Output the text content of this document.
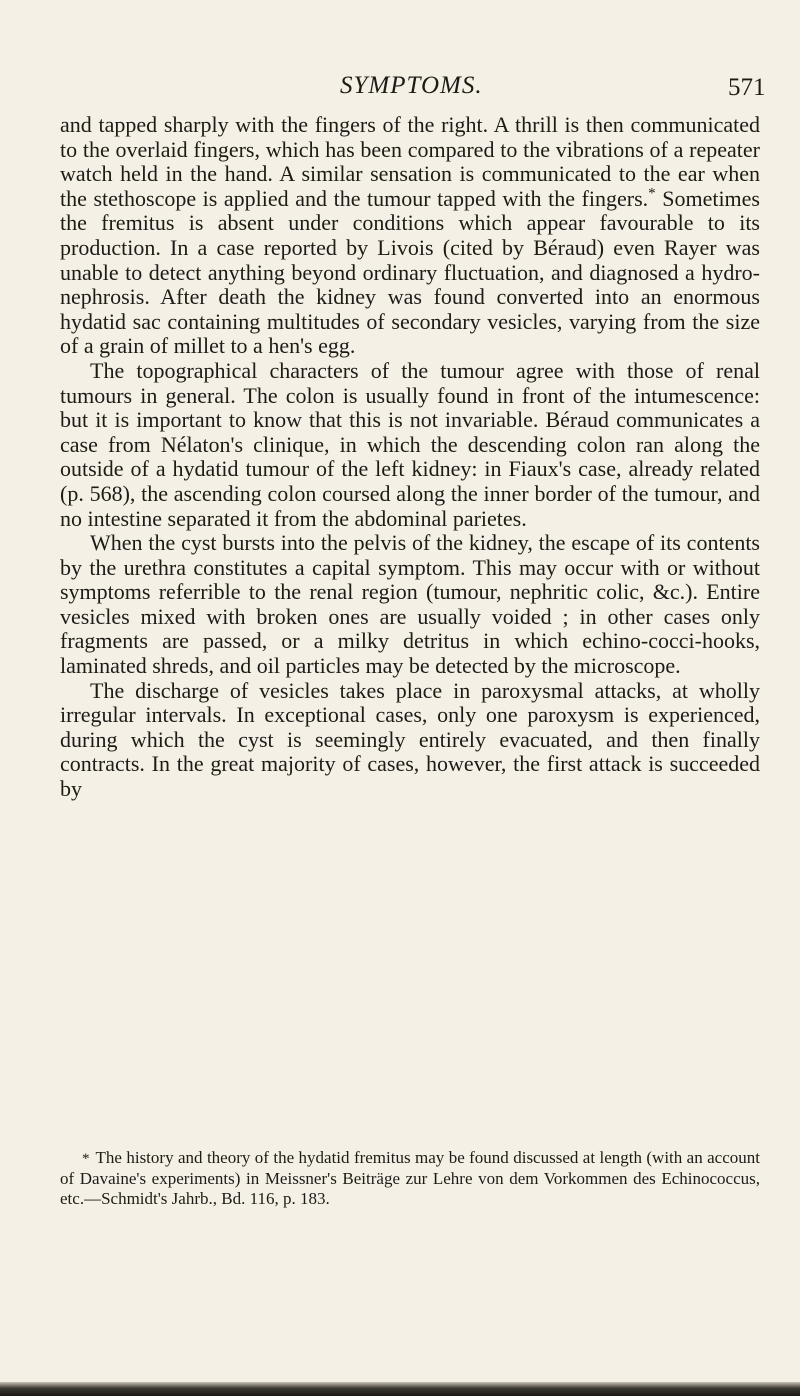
SYMPTOMS.	571

and tapped sharply with the fingers of the right. A thrill is then communicated to the overlaid fingers, which has been compared to the vibrations of a repeater watch held in the hand. A similar sensation is communicated to the ear when the stethoscope is applied and the tumour tapped with the fingers.* Sometimes the fremitus is absent under conditions which appear favourable to its production. In a case reported by Livois (cited by Béraud) even Rayer was unable to detect anything beyond ordinary fluctuation, and diagnosed a hydro-nephrosis. After death the kidney was found converted into an enormous hydatid sac containing multitudes of secondary vesicles, varying from the size of a grain of millet to a hen's egg.

The topographical characters of the tumour agree with those of renal tumours in general. The colon is usually found in front of the intumescence: but it is important to know that this is not invariable. Béraud communicates a case from Nélaton's clinique, in which the descending colon ran along the outside of a hydatid tumour of the left kidney: in Fiaux's case, already related (p. 568), the ascending colon coursed along the inner border of the tumour, and no intestine separated it from the abdominal parietes.

When the cyst bursts into the pelvis of the kidney, the escape of its contents by the urethra constitutes a capital symptom. This may occur with or without symptoms referrible to the renal region (tumour, nephritic colic, &c.). Entire vesicles mixed with broken ones are usually voided ; in other cases only fragments are passed, or a milky detritus in which echino-cocci-hooks, laminated shreds, and oil particles may be detected by the microscope.

The discharge of vesicles takes place in paroxysmal attacks, at wholly irregular intervals. In exceptional cases, only one paroxysm is experienced, during which the cyst is seemingly entirely evacuated, and then finally contracts. In the great majority of cases, however, the first attack is succeeded by

* The history and theory of the hydatid fremitus may be found discussed at length (with an account of Davaine's experiments) in Meissner's Beiträge zur Lehre von dem Vorkommen des Echinococcus, etc.—Schmidt's Jahrb., Bd. 116, p. 183.
